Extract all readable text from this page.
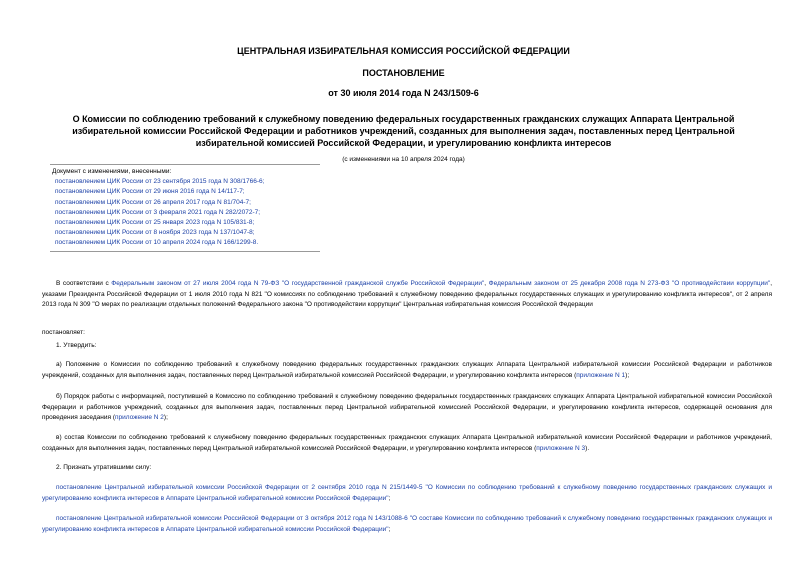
ЦЕНТРАЛЬНАЯ ИЗБИРАТЕЛЬНАЯ КОМИССИЯ РОССИЙСКОЙ ФЕДЕРАЦИИ
ПОСТАНОВЛЕНИЕ
от 30 июля 2014 года N 243/1509-6
О Комиссии по соблюдению требований к служебному поведению федеральных государственных гражданских служащих Аппарата Центральной избирательной комиссии Российской Федерации и работников учреждений, созданных для выполнения задач, поставленных перед Центральной избирательной комиссией Российской Федерации, и урегулированию конфликта интересов
(с изменениями на 10 апреля 2024 года)
Документ с изменениями, внесенными:
постановлением ЦИК России от 23 сентября 2015 года N 308/1766-6;
постановлением ЦИК России от 29 июня 2016 года N 14/117-7;
постановлением ЦИК России от 26 апреля 2017 года N 81/704-7;
постановлением ЦИК России от 3 февраля 2021 года N 282/2072-7;
постановлением ЦИК России от 25 января 2023 года N 105/831-8;
постановлением ЦИК России от 8 ноября 2023 года N 137/1047-8;
постановлением ЦИК России от 10 апреля 2024 года N 166/1299-8.
В соответствии с Федеральным законом от 27 июля 2004 года N 79-ФЗ "О государственной гражданской службе Российской Федерации", Федеральным законом от 25 декабря 2008 года N 273-ФЗ "О противодействии коррупции", указами Президента Российской Федерации от 1 июля 2010 года N 821 "О комиссиях по соблюдению требований к служебному поведению федеральных государственных служащих и урегулированию конфликта интересов", от 2 апреля 2013 года N 309 "О мерах по реализации отдельных положений Федерального закона "О противодействии коррупции" Центральная избирательная комиссия Российской Федерации
постановляет:
1. Утвердить:
а) Положение о Комиссии по соблюдению требований к служебному поведению федеральных государственных гражданских служащих Аппарата Центральной избирательной комиссии Российской Федерации и работников учреждений, созданных для выполнения задач, поставленных перед Центральной избирательной комиссией Российской Федерации, и урегулированию конфликта интересов (приложение N 1);
б) Порядок работы с информацией, поступившей в Комиссию по соблюдению требований к служебному поведению федеральных государственных гражданских служащих Аппарата Центральной избирательной комиссии Российской Федерации и работников учреждений, созданных для выполнения задач, поставленных перед Центральной избирательной комиссией Российской Федерации, и урегулированию конфликта интересов, содержащей основания для проведения заседания (приложение N 2);
в) состав Комиссии по соблюдению требований к служебному поведению федеральных государственных гражданских служащих Аппарата Центральной избирательной комиссии Российской Федерации и работников учреждений, созданных для выполнения задач, поставленных перед Центральной избирательной комиссией Российской Федерации, и урегулированию конфликта интересов (приложение N 3).
2. Признать утратившими силу:
постановление Центральной избирательной комиссии Российской Федерации от 2 сентября 2010 года N 215/1449-5 "О Комиссии по соблюдению требований к служебному поведению государственных гражданских служащих и урегулированию конфликта интересов в Аппарате Центральной избирательной комиссии Российской Федерации";
постановление Центральной избирательной комиссии Российской Федерации от 3 октября 2012 года N 143/1088-6 "О составе Комиссии по соблюдению требований к служебному поведению государственных гражданских служащих и урегулированию конфликта интересов в Аппарате Центральной избирательной комиссии Российской Федерации";
